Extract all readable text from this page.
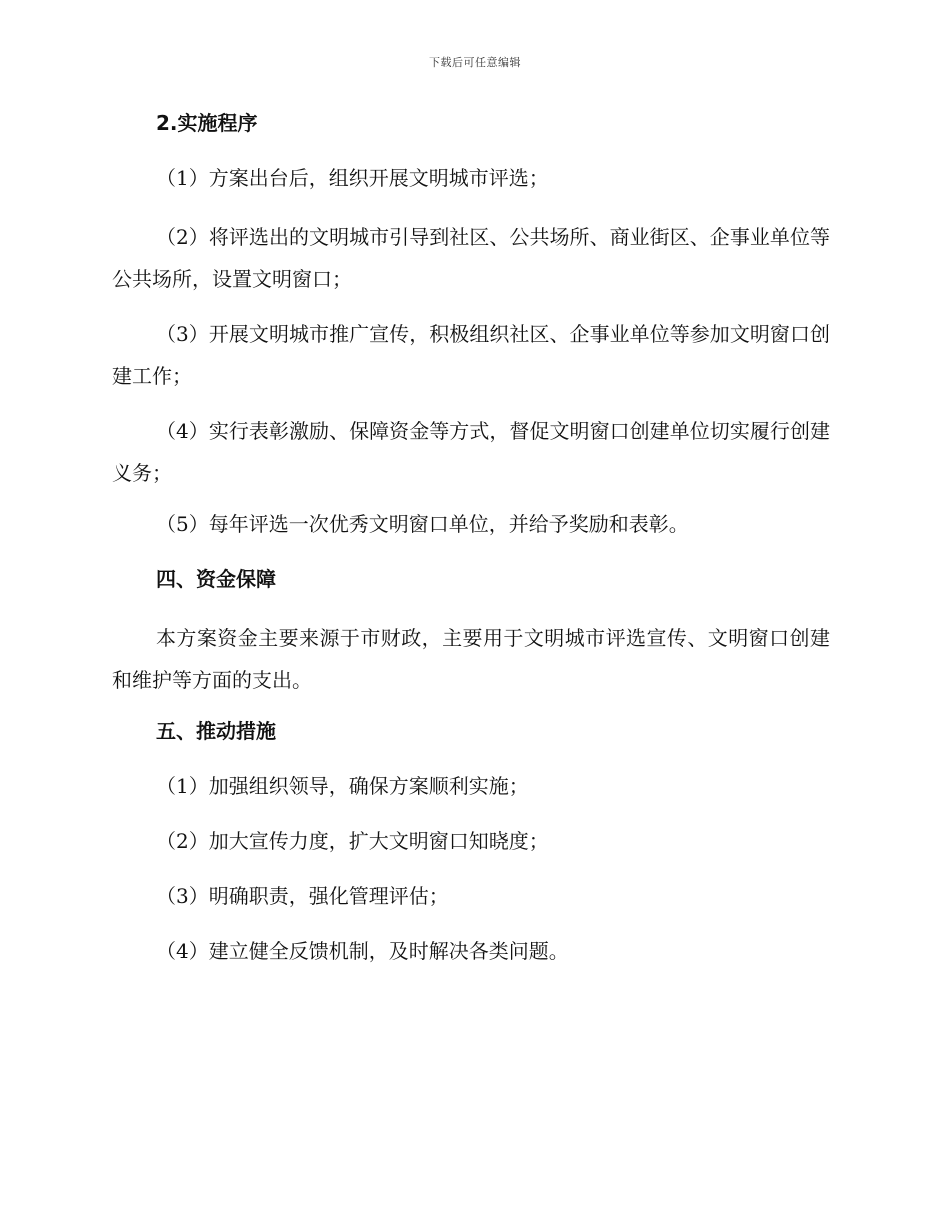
下载后可任意编辑
2.实施程序

（1）方案出台后，组织开展文明城市评选；

（2）将评选出的文明城市引导到社区、公共场所、商业街区、企事业单位等公共场所，设置文明窗口；

（3）开展文明城市推广宣传，积极组织社区、企事业单位等参加文明窗口创建工作；

（4）实行表彰激励、保障资金等方式，督促文明窗口创建单位切实履行创建义务；

（5）每年评选一次优秀文明窗口单位，并给予奖励和表彰。

四、资金保障

本方案资金主要来源于市财政，主要用于文明城市评选宣传、文明窗口创建和维护等方面的支出。

五、推动措施

（1）加强组织领导，确保方案顺利实施；

（2）加大宣传力度，扩大文明窗口知晓度；

（3）明确职责，强化管理评估；

（4）建立健全反馈机制，及时解决各类问题。
